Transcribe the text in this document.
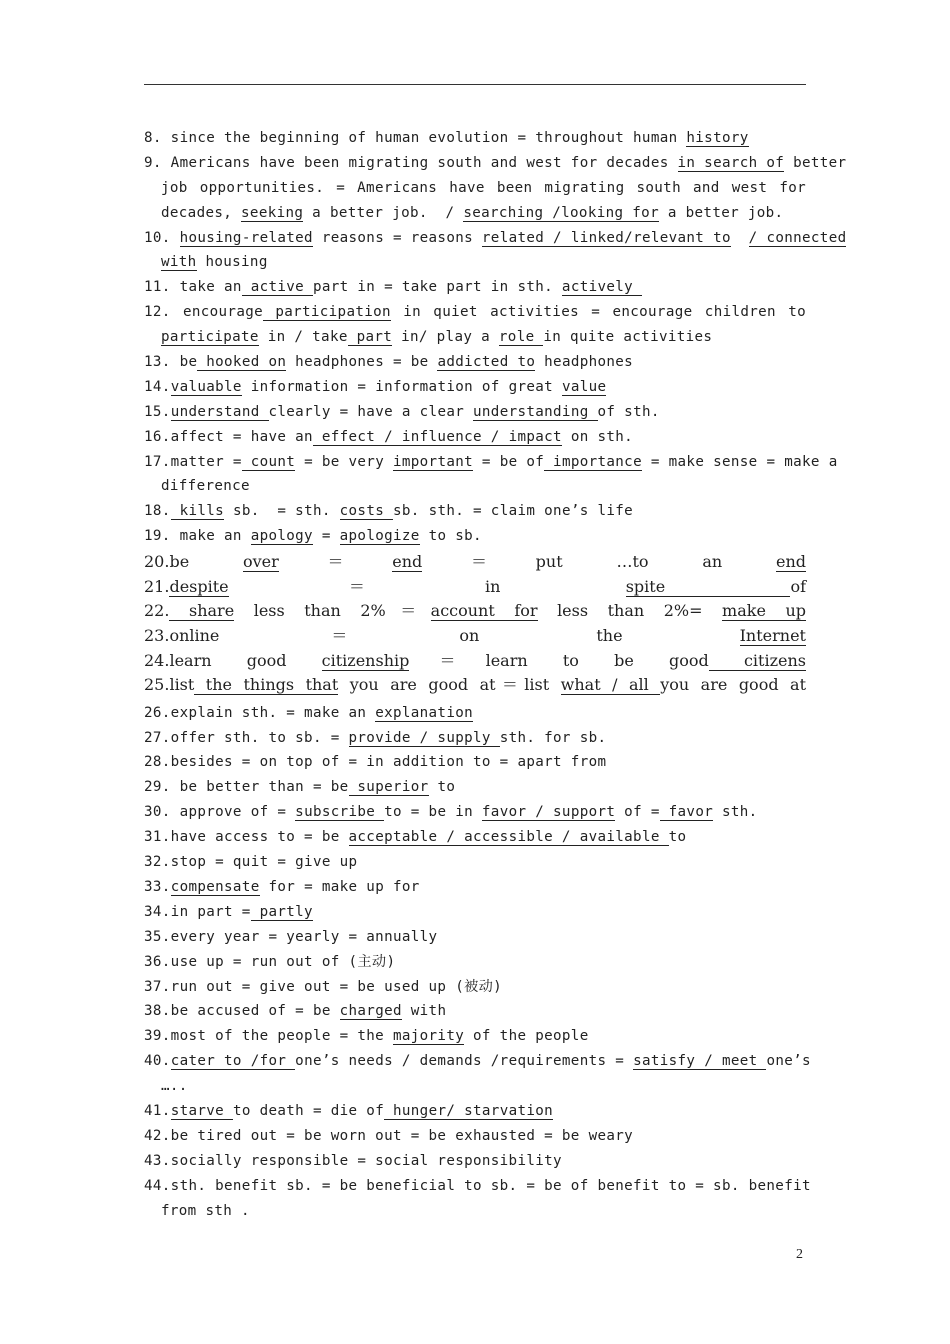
8. since the beginning of human evolution = throughout human history
9. Americans have been migrating south and west for decades in search of better
job opportunities. = Americans have been migrating south and west for
decades, seeking a better job.  / searching /looking for a better job.
10. housing-related reasons = reasons related / linked/relevant to / connected
with housing
11. take an active part in = take part in sth. actively
12. encourage participation in quiet activities = encourage children to
participate in / take part in/ play a role in quite activities
13. be hooked on headphones = be addicted to headphones
14.valuable information = information of great value
15.understand clearly = have a clear understanding of sth.
16.affect = have an effect / influence / impact on sth.
17.matter = count = be very important = be of importance = make sense = make a
difference
18. kills sb.  = sth. costs sb. sth. = claim one’s life
19. make an apology = apologize to sb.
20.be over＝end＝put …to an end
21.despite＝in spite of
22. share less than 2%＝account for less than 2%= make up
23.online＝on the Internet
24.learn good citizenship＝learn to be good citizens
25.list the things that you are good at＝list what / all you are good at
26.explain sth. = make an explanation
27.offer sth. to sb. = provide / supply sth. for sb.
28.besides = on top of = in addition to = apart from
29. be better than = be superior to
30. approve of = subscribe to = be in favor / support of = favor sth.
31.have access to = be acceptable / accessible / available to
32.stop = quit = give up
33.compensate for = make up for
34.in part = partly
35.every year = yearly = annually
36.use up = run out of (主动)
37.run out = give out = be used up (被动)
38.be accused of = be charged with
39.most of the people = the majority of the people
40.cater to /for one’s needs / demands /requirements = satisfy / meet one’s
…..
41.starve to death = die of hunger/ starvation
42.be tired out = be worn out = be exhausted = be weary
43.socially responsible = social responsibility
44.sth. benefit sb. = be beneficial to sb. = be of benefit to = sb. benefit
from sth .
2
